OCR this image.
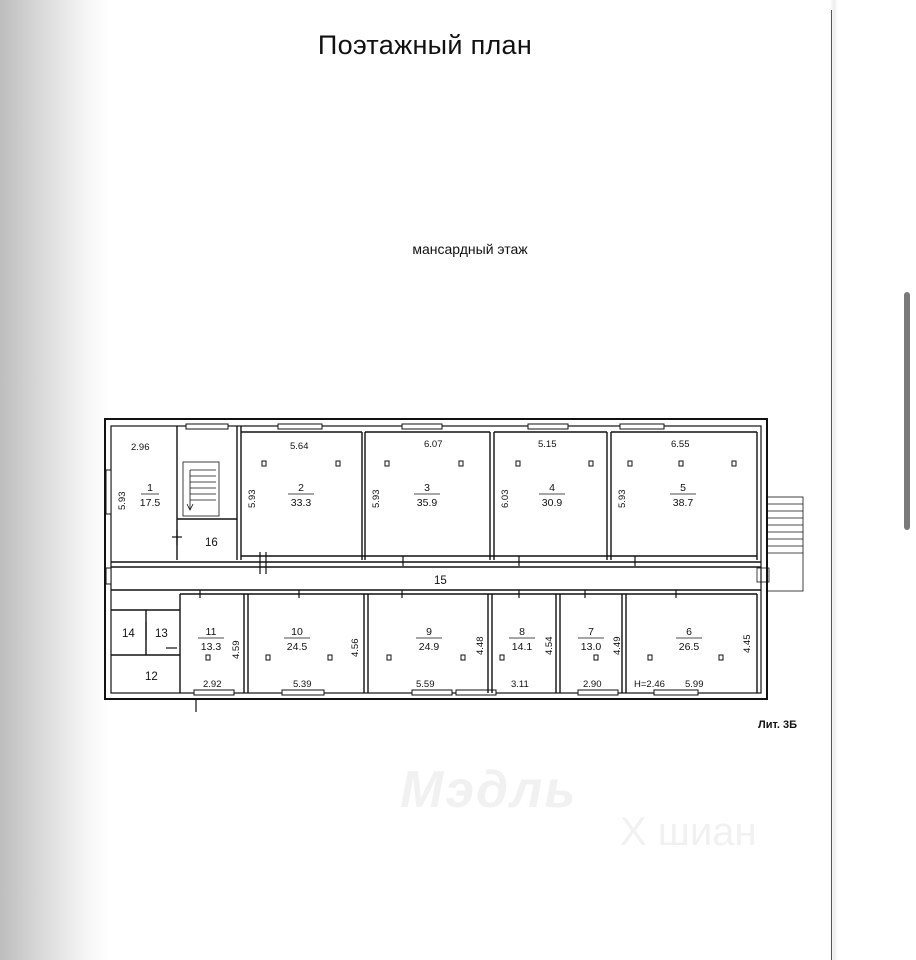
Поэтажный план
мансардный этаж
1
17.5
2
33.3
3
35.9
4
30.9
5
38.7
11
13.3
10
24.5
9
24.9
8
14.1
7
13.0
6
26.5
16
15
14 13
12
2.96	5.64	6.07	5.15	6.55
5.93	5.93	5.93	6.03	5.93
4.59	4.56	4.48	4.54	4.49	4.45
2.92	5.39	5.59	3.11	2.90	H=2.46 5.99
Лит. 3Б
Мэдль
X шиан
